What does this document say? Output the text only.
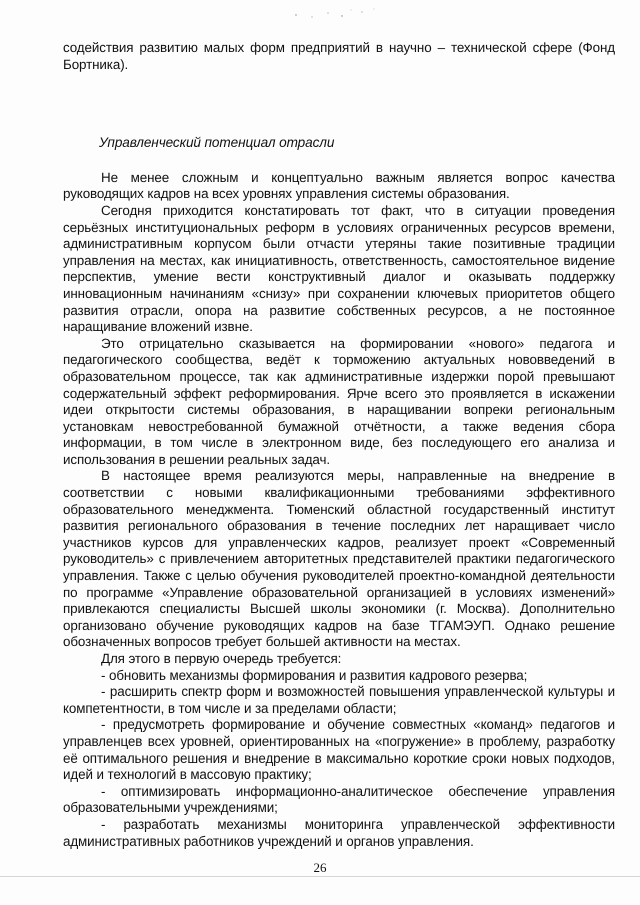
содействия развитию малых форм предприятий в научно – технической сфере (Фонд Бортника).

Управленческий потенциал отрасли

Не менее сложным и концептуально важным является вопрос качества руководящих кадров на всех уровнях управления системы образования.

Сегодня приходится констатировать тот факт, что в ситуации проведения серьёзных институциональных реформ в условиях ограниченных ресурсов времени, административным корпусом были отчасти утеряны такие позитивные традиции управления на местах, как инициативность, ответственность, самостоятельное видение перспектив, умение вести конструктивный диалог и оказывать поддержку инновационным начинаниям «снизу» при сохранении ключевых приоритетов общего развития отрасли, опора на развитие собственных ресурсов, а не постоянное наращивание вложений извне.

Это отрицательно сказывается на формировании «нового» педагога и педагогического сообщества, ведёт к торможению актуальных нововведений в образовательном процессе, так как административные издержки порой превышают содержательный эффект реформирования. Ярче всего это проявляется в искажении идеи открытости системы образования, в наращивании вопреки региональным установкам невостребованной бумажной отчётности, а также ведения сбора информации, в том числе в электронном виде, без последующего его анализа и использования в решении реальных задач.

В настоящее время реализуются меры, направленные на внедрение в соответствии с новыми квалификационными требованиями эффективного образовательного менеджмента. Тюменский областной государственный институт развития регионального образования в течение последних лет наращивает число участников курсов для управленческих кадров, реализует проект «Современный руководитель» с привлечением авторитетных представителей практики педагогического управления. Также с целью обучения руководителей проектно-командной деятельности по программе «Управление образовательной организацией в условиях изменений» привлекаются специалисты Высшей школы экономики (г. Москва). Дополнительно организовано обучение руководящих кадров на базе ТГАМЭУП. Однако решение обозначенных вопросов требует большей активности на местах.

Для этого в первую очередь требуется:

- обновить механизмы формирования и развития кадрового резерва;

- расширить спектр форм и возможностей повышения управленческой культуры и компетентности, в том числе и за пределами области;

- предусмотреть формирование и обучение совместных «команд» педагогов и управленцев всех уровней, ориентированных на «погружение» в проблему, разработку её оптимального решения и внедрение в максимально короткие сроки новых подходов, идей и технологий в массовую практику;

- оптимизировать информационно-аналитическое обеспечение управления образовательными учреждениями;

- разработать механизмы мониторинга управленческой эффективности административных работников учреждений и органов управления.

26
